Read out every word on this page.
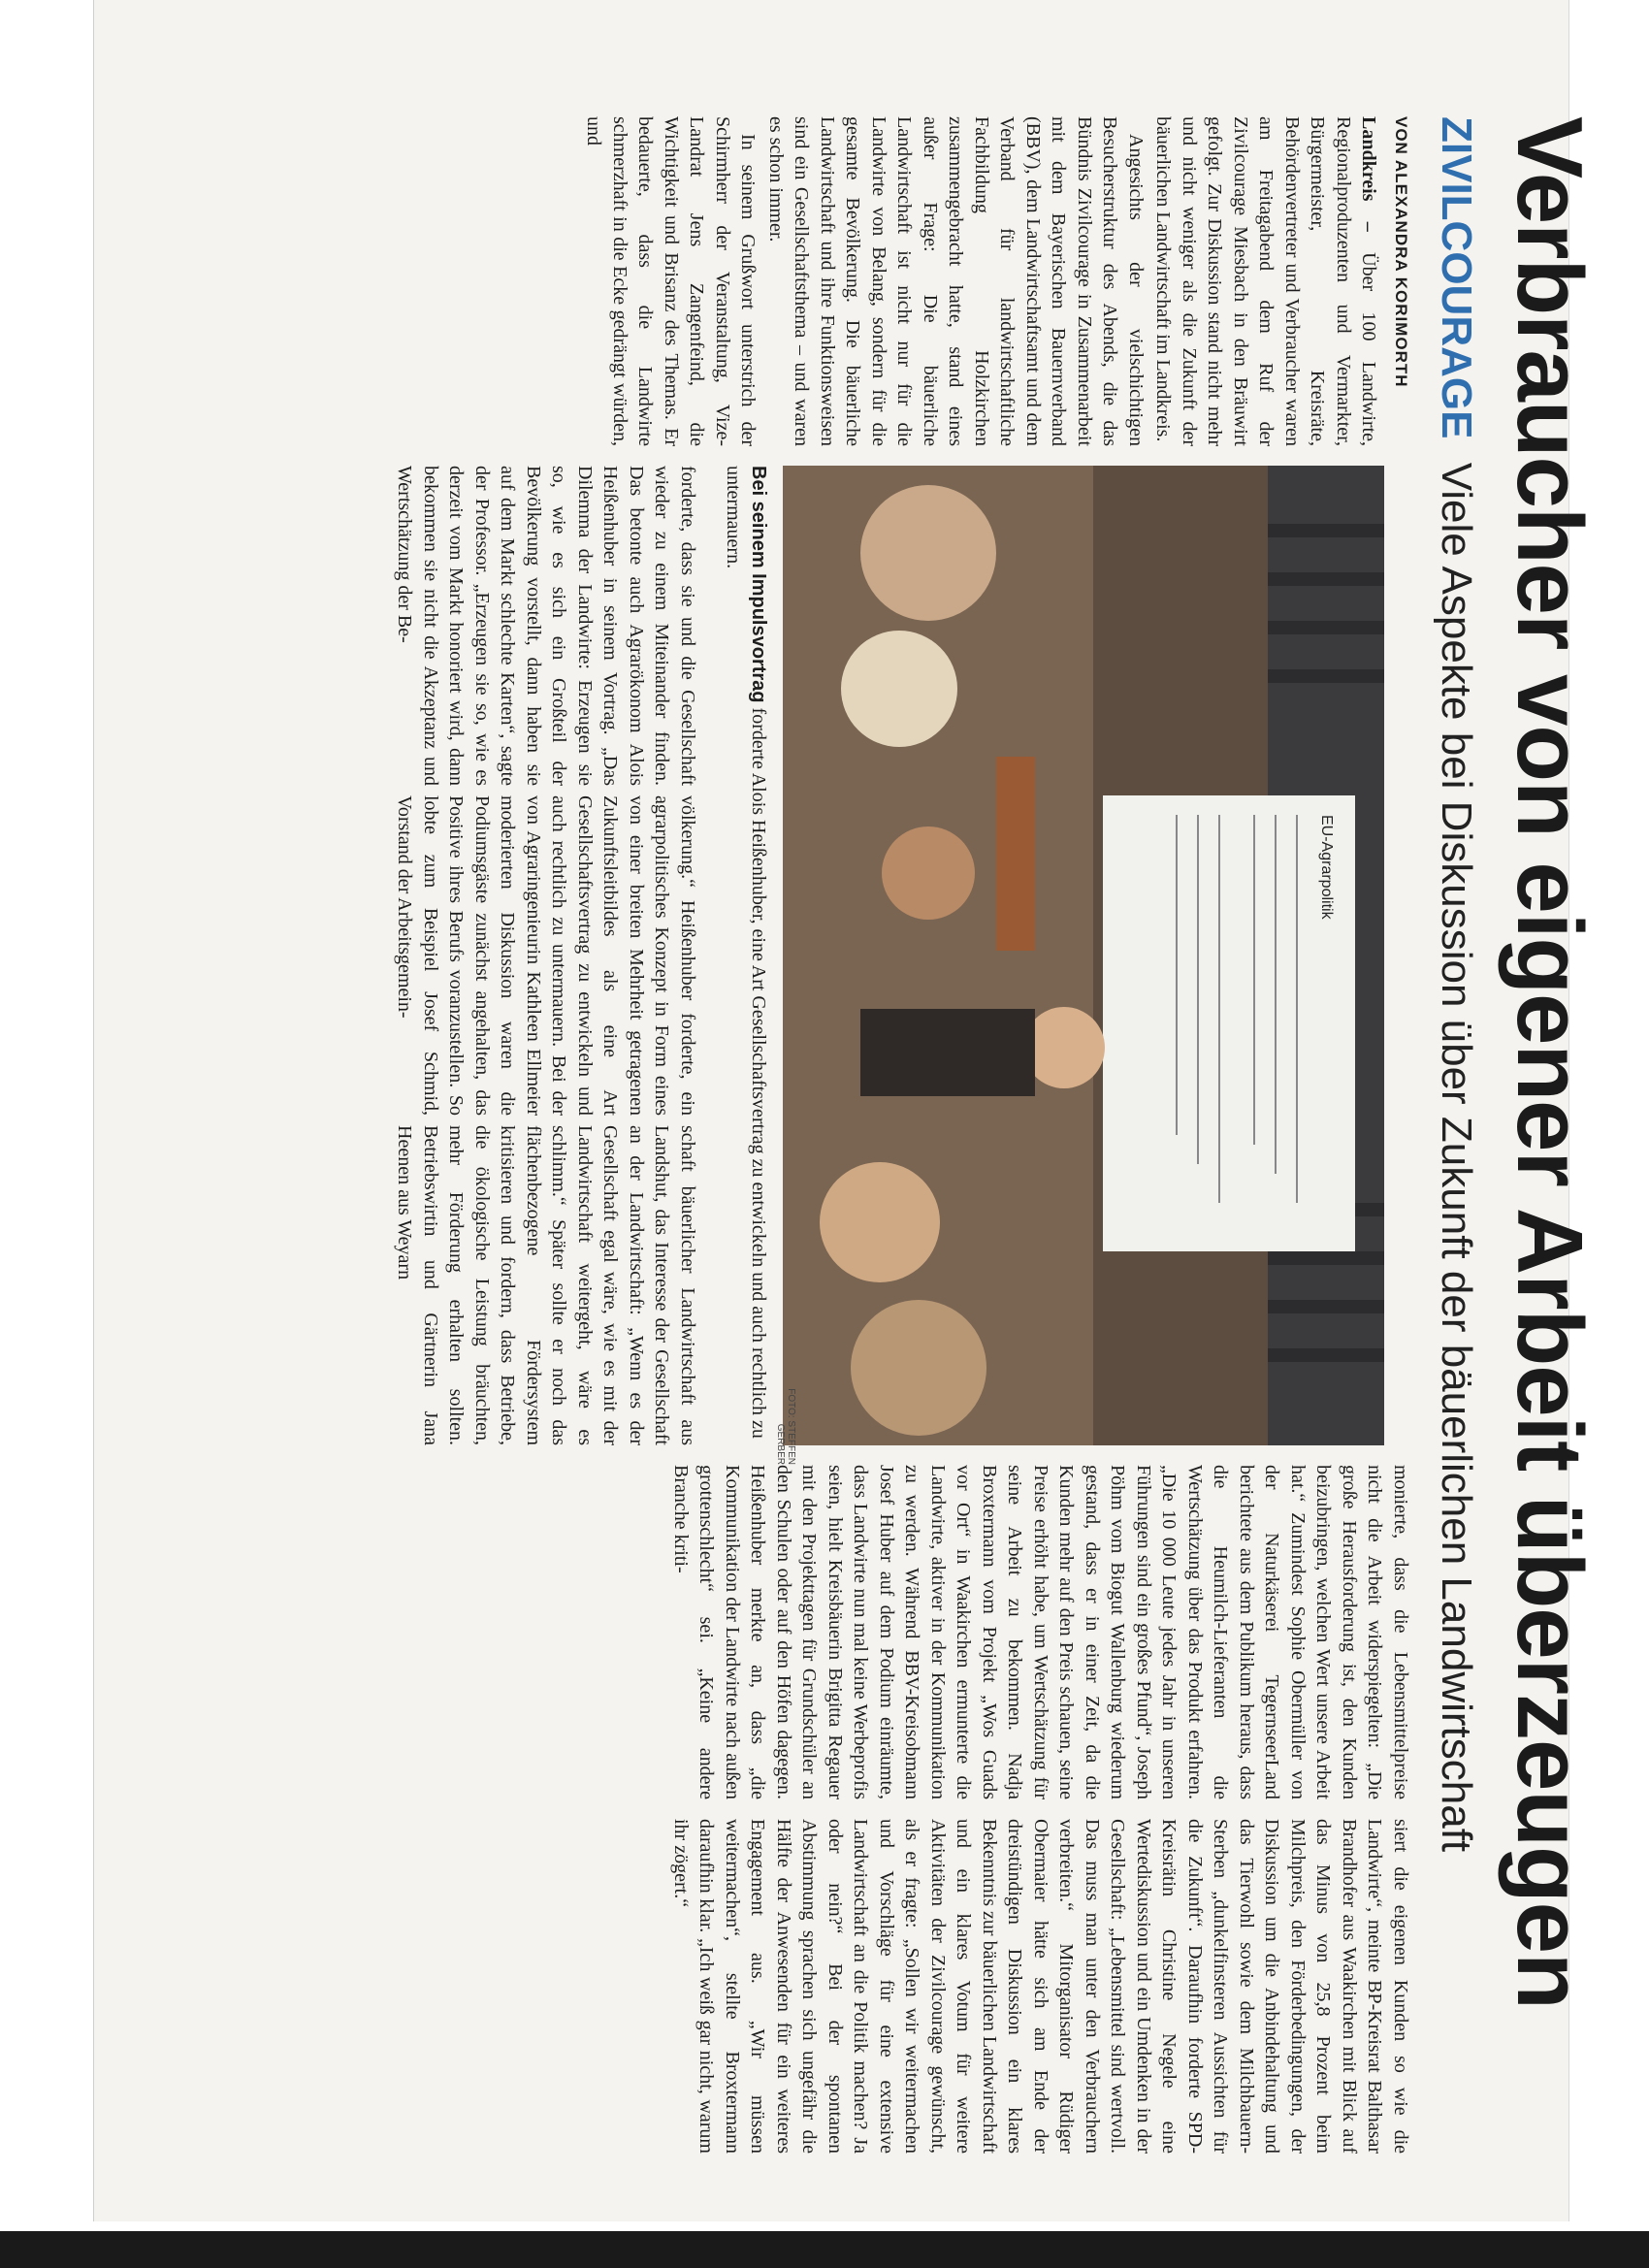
Verbraucher von eigener Arbeit überzeugen
ZIVILCOURAGE Viele Aspekte bei Diskussion über Zukunft der bäuerlichen Landwirtschaft
VON ALEXANDRA KORIMORTH

Landkreis – Über 100 Landwirte, Regionalproduzenten und Vermarkter, Bürgermeister, Kreisräte, Behördenvertreter und Verbraucher waren am Freitagabend dem Ruf der Zivilcourage Miesbach in den Bräuwirt gefolgt. Zur Diskussion stand nicht mehr und nicht weniger als die Zukunft der bäuerlichen Landwirtschaft im Landkreis.

Angesichts der vielschichtigen Besucherstruktur des Abends, die das Bündnis Zivilcourage in Zusammenarbeit mit dem Bayerischen Bauernverband (BBV), dem Landwirtschaftsamt und dem Verband für landwirtschaftliche Fachbildung Holzkirchen zusammengebracht hatte, stand eines außer Frage: Die bäuerliche Landwirtschaft ist nicht nur für die Landwirte von Belang, sondern für die gesamte Bevölkerung. Die bäuerliche Landwirtschaft und ihre Funktionsweisen sind ein Gesellschaftsthema – und waren es schon immer.

In seinem Grußwort unterstrich der Schirmherr der Veranstaltung, Vize-Landrat Jens Zangenfeind, die Wichtigkeit und Brisanz des Themas. Er bedauerte, dass die Landwirte schmerzhaft in die Ecke gedrängt würden, und

EU-Agrarpolitik
FOTO: STEFFEN GERBER
Bei seinem Impulsvortrag forderte Alois Heißenhuber, eine Art Gesellschaftsvertrag zu entwickeln und auch rechtlich zu untermauern.

forderte, dass sie und die Gesellschaft wieder zu einem Miteinander finden. Das betonte auch Agrarökonom Alois Heißenhuber in seinem Vortrag. „Das Dilemma der Landwirte: Erzeugen sie so, wie es sich ein Großteil der Bevölkerung vorstellt, dann haben sie auf dem Markt schlechte Karten“, sagte der Professor. „Erzeugen sie so, wie es derzeit vom Markt honoriert wird, dann bekommen sie nicht die Akzeptanz und Wertschätzung der Be-

völkerung.“ Heißenhuber forderte, ein agrarpolitisches Konzept in Form eines von einer breiten Mehrheit getragenen Zukunftsleitbildes als eine Art Gesellschaftsvertrag zu entwickeln und auch rechtlich zu untermauern. Bei der von Agraringenieurin Kathleen Ellmeier moderierten Diskussion waren die Podiumsgäste zunächst angehalten, das Positive ihres Berufs voranzustellen. So lobte zum Beispiel Josef Schmid, Vorstand der Arbeitsgemein-

schaft bäuerlicher Landwirtschaft aus Landshut, das Interesse der Gesellschaft an der Landwirtschaft: „Wenn es der Gesellschaft egal wäre, wie es mit der Landwirtschaft weitergeht, wäre es schlimm.“ Später sollte er noch das flächenbezogene Fördersystem kritisieren und fordern, dass Betriebe, die ökologische Leistung bräuchten, mehr Förderung erhalten sollten. Betriebswirtin und Gärtnerin Jana Heenen aus Weyarn

monierte, dass die Lebensmittelpreise nicht die Arbeit widerspiegelten: „Die große Herausforderung ist, den Kunden beizubringen, welchen Wert unsere Arbeit hat.“ Zumindest Sophie Obermüller von der Naturkäserei TegernseerLand berichtete aus dem Publikum heraus, dass die Heumilch-Lieferanten die Wertschätzung über das Produkt erfahren. „Die 10 000 Leute jedes Jahr in unseren Führungen sind ein großes Pfund“, Joseph Pöhm vom Biogut Wallenburg wiederum gestand, dass er in einer Zeit, da die Kunden mehr auf den Preis schauen, seine Preise erhöht habe, um Wertschätzung für seine Arbeit zu bekommen. Nadja Broxtermann vom Projekt „Wos Guads vor Ort“ in Waakirchen ermunterte die Landwirte, aktiver in der Kommunikation zu werden. Während BBV-Kreisobmann Josef Huber auf dem Podium einräumte, dass Landwirte nun mal keine Werbeprofis seien, hielt Kreisbäuerin Brigitta Regauer mit den Projekttagen für Grundschüler an den Schulen oder auf den Höfen dagegen. Heißenhuber merkte an, dass „die Kommunikation der Landwirte nach außen grottenschlecht“ sei. „Keine andere Branche kriti-

siert die eigenen Kunden so wie die Landwirte“, meinte BP-Kreisrat Balthasar Brandhofer aus Waakirchen mit Blick auf das Minus von 25,8 Prozent beim Milchpreis, den Förderbedingungen, der Diskussion um die Anbindehaltung und das Tierwohl sowie dem Milchbauern-Sterben „dunkelfinsteren Aussichten für die Zukunft“. Daraufhin forderte SPD-Kreisrätin Christine Negele eine Wertediskussion und ein Umdenken in der Gesellschaft: „Lebensmittel sind wertvoll. Das muss man unter den Verbrauchern verbreiten.“ Mitorganisator Rüdiger Obermaier hätte sich am Ende der dreistündigen Diskussion ein klares Bekenntnis zur bäuerlichen Landwirtschaft und ein klares Votum für weitere Aktivitäten der Zivilcourage gewünscht, als er fragte: „Sollen wir weitermachen und Vorschläge für eine extensive Landwirtschaft an die Politik machen? Ja oder nein?“ Bei der spontanen Abstimmung sprachen sich ungefähr die Hälfte der Anwesenden für ein weiteres Engagement aus. „Wir müssen weitermachen“, stellte Broxtermann daraufhin klar. „Ich weiß gar nicht, warum ihr zögert.“
